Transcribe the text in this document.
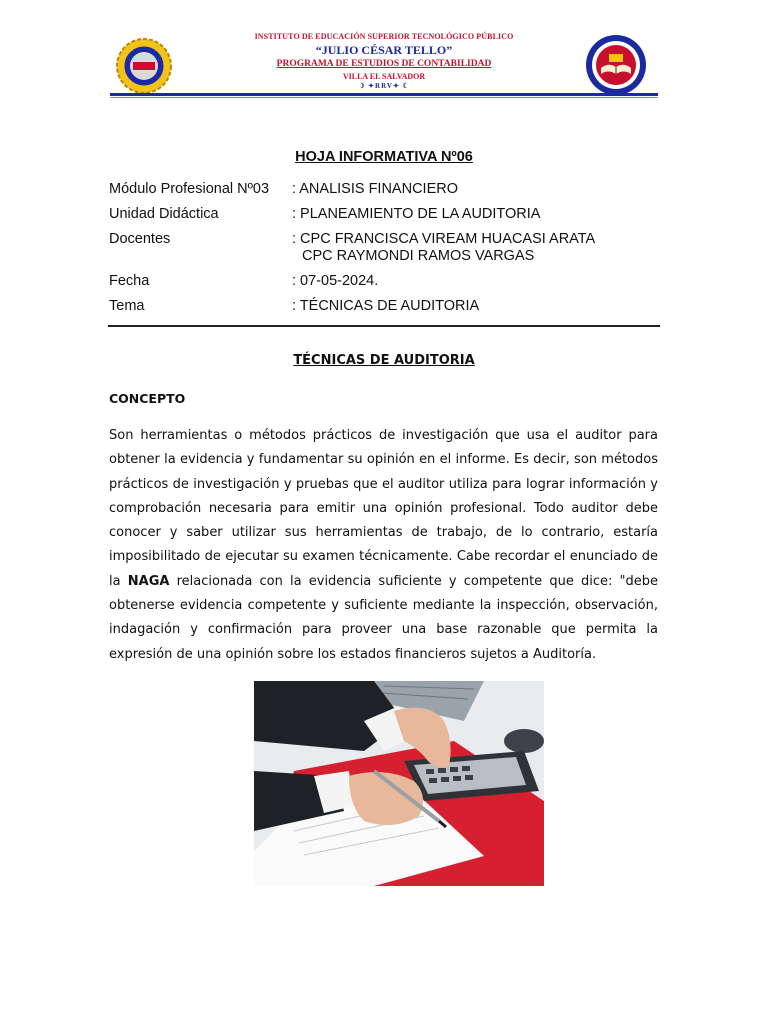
INSTITUTO DE EDUCACIÓN SUPERIOR TECNOLÓGICO PÚBLICO
“JULIO CÉSAR TELLO”
PROGRAMA DE ESTUDIOS DE CONTABILIDAD
VILLA EL SALVADOR
☽ ✦RRV✦ ☾
HOJA INFORMATIVA Nº06
Módulo Profesional Nº03 : ANALISIS FINANCIERO
Unidad Didáctica	: PLANEAMIENTO DE LA AUDITORIA
Docentes	: CPC FRANCISCA VIREAM HUACASI ARATA
CPC RAYMONDI RAMOS VARGAS
Fecha	: 07-05-2024.
Tema	: TÉCNICAS DE AUDITORIA
TÉCNICAS DE AUDITORIA
CONCEPTO
Son herramientas o métodos prácticos de investigación que usa el auditor para obtener la evidencia y fundamentar su opinión en el informe. Es decir, son métodos prácticos de investigación y pruebas que el auditor utiliza para lograr información y comprobación necesaria para emitir una opinión profesional. Todo auditor debe conocer y saber utilizar sus herramientas de trabajo, de lo contrario, estaría imposibilitado de ejecutar su examen técnicamente. Cabe recordar el enunciado de la NAGA relacionada con la evidencia suficiente y competente que dice: "debe obtenerse evidencia competente y suficiente mediante la inspección, observación, indagación y confirmación para proveer una base razonable que permita la expresión de una opinión sobre los estados financieros sujetos a Auditoría.
